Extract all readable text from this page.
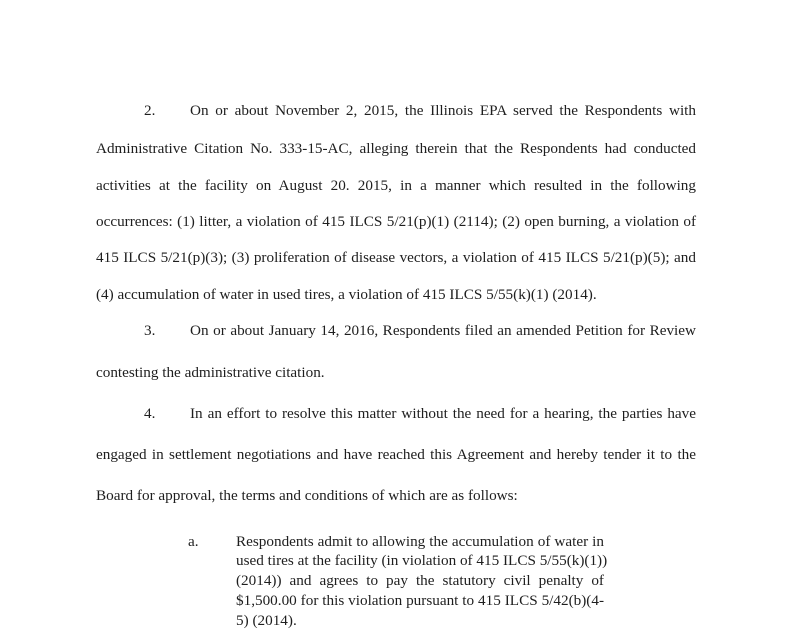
2. On or about November 2, 2015, the Illinois EPA served the Respondents with
Administrative Citation No. 333-15-AC, alleging therein that the Respondents had conducted
activities at the facility on August 20. 2015, in a manner which resulted in the following
occurrences: (1) litter, a violation of 415 ILCS 5/21(p)(1) (2114); (2) open burning, a violation of
415 ILCS 5/21(p)(3); (3) proliferation of disease vectors, a violation of 415 ILCS 5/21(p)(5); and
(4) accumulation of water in used tires, a violation of 415 ILCS 5/55(k)(1) (2014).
3. On or about January 14, 2016, Respondents filed an amended Petition for Review
contesting the administrative citation.
4. In an effort to resolve this matter without the need for a hearing, the parties have
engaged in settlement negotiations and have reached this Agreement and hereby tender it to the
Board for approval, the terms and conditions of which are as follows:
a. Respondents admit to allowing the accumulation of water in
used tires at the facility (in violation of 415 ILCS 5/55(k)(1))
(2014)) and agrees to pay the statutory civil penalty of
$1,500.00 for this violation pursuant to 415 ILCS 5/42(b)(4-
5) (2014).
